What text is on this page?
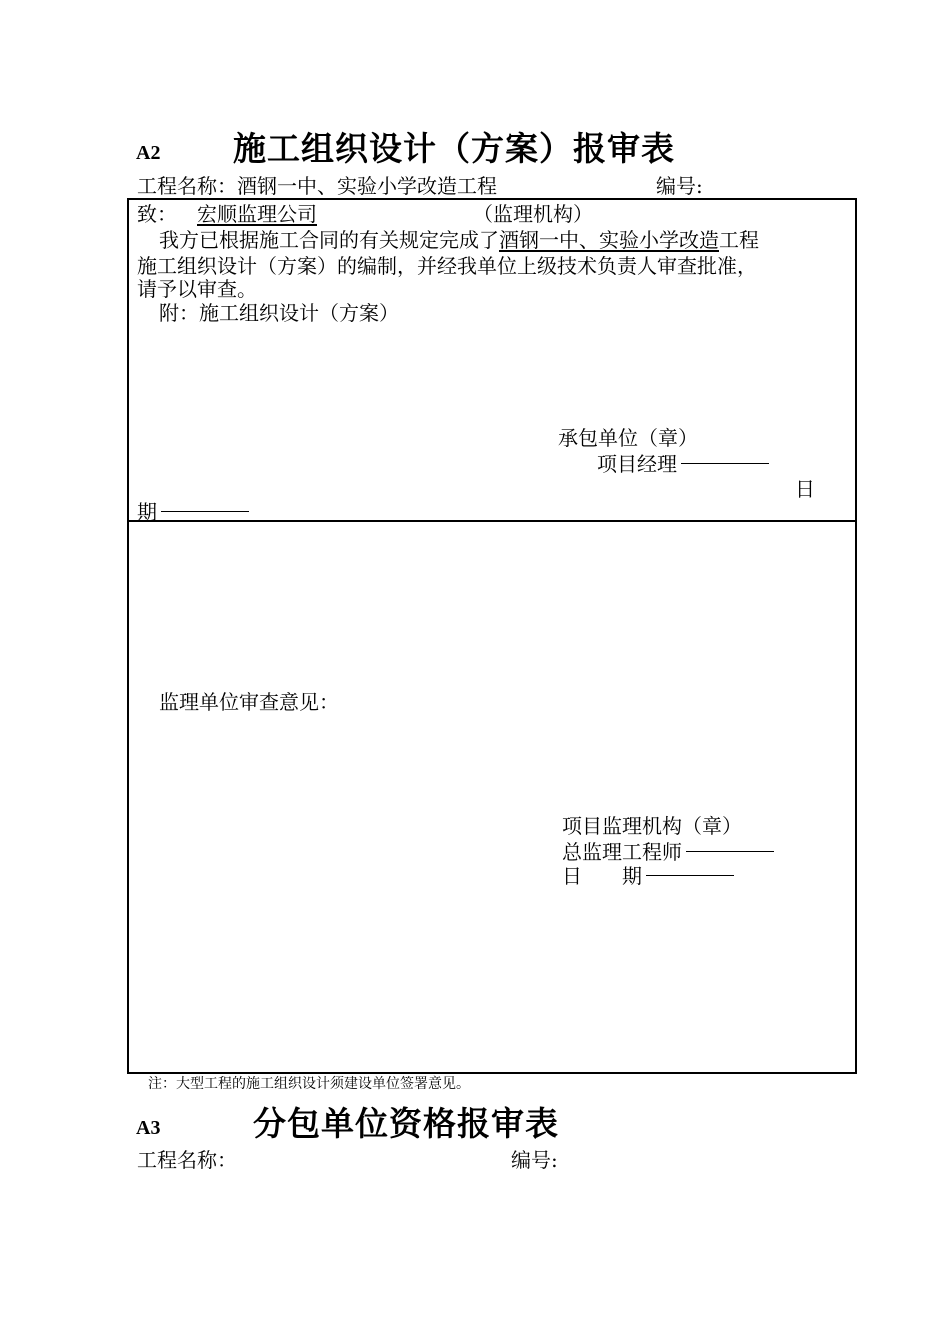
A2 施工组织设计（方案）报审表
工程名称：酒钢一中、实验小学改造工程	编号:
致： 宏顺监理公司	（监理机构）
我方已根据施工合同的有关规定完成了酒钢一中、实验小学改造工程
施工组织设计（方案）的编制，并经我单位上级技术负责人审查批准，
请予以审查。
附：施工组织设计（方案）
承包单位（章）
项目经理
日
期
监理单位审查意见：
项目监理机构（章）
总监理工程师
日　　期
注：大型工程的施工组织设计须建设单位签署意见。
A3	分包单位资格报审表
工程名称：	编号:
